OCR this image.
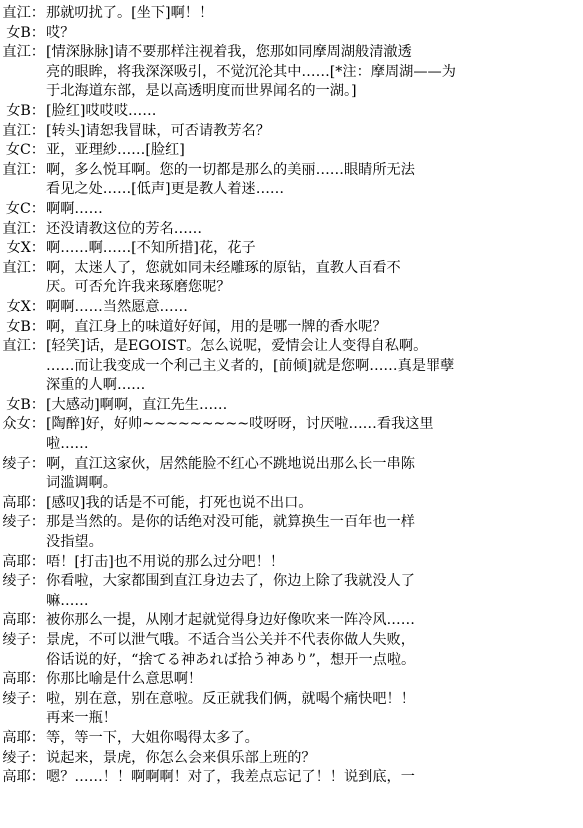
直江： 那就叨扰了。[坐下]啊！！
女B： 哎？
直江： [情深脉脉]请不要那样注视着我，您那如同摩周湖般清澈透
亮的眼眸，将我深深吸引，不觉沉沦其中……[*注：摩周湖——为
于北海道东部，是以高透明度而世界闻名的一湖。]
女B： [脸红]哎哎哎……
直江： [转头]请恕我冒昧，可否请教芳名？
女C： 亚，亚理紗……[脸红]
直江： 啊，多么悦耳啊。您的一切都是那么的美丽……眼睛所无法
看见之处……[低声]更是教人着迷……
女C： 啊啊……
直江： 还没请教这位的芳名……
女X： 啊……啊……[不知所措]花，花子
直江： 啊，太迷人了，您就如同未经雕琢的原钻，直教人百看不
厌。可否允许我来琢磨您呢？
女X： 啊啊……当然愿意……
女B： 啊，直江身上的味道好好闻，用的是哪一牌的香水呢？
直江： [轻笑]话，是EGOIST。怎么说呢，爱情会让人变得自私啊。
……而让我变成一个利己主义者的，[前倾]就是您啊……真是罪孽
深重的人啊……
女B： [大感动]啊啊，直江先生……
众女： [陶醉]好，好帅~~~~~~~~~哎呀呀，讨厌啦……看我这里
啦……
绫子： 啊，直江这家伙，居然能脸不红心不跳地说出那么长一串陈
词滥调啊。
高耶： [感叹]我的话是不可能，打死也说不出口。
绫子： 那是当然的。是你的话绝对没可能，就算换生一百年也一样
没指望。
高耶： 唔！[打击]也不用说的那么过分吧！！
绫子： 你看啦，大家都围到直江身边去了，你边上除了我就没人了
嘛……
高耶： 被你那么一提，从刚才起就觉得身边好像吹来一阵冷风……
绫子： 景虎，不可以泄气哦。不适合当公关并不代表你做人失败，
俗话说的好，“捨てる神あれば拾う神あり”，想开一点啦。
高耶： 你那比喻是什么意思啊！
绫子： 啦，别在意，别在意啦。反正就我们俩，就喝个痛快吧！！
再来一瓶！
高耶： 等，等一下，大姐你喝得太多了。
绫子： 说起来，景虎，你怎么会来俱乐部上班的？
高耶： 嗯？……！！啊啊啊！对了，我差点忘记了！！说到底，一
